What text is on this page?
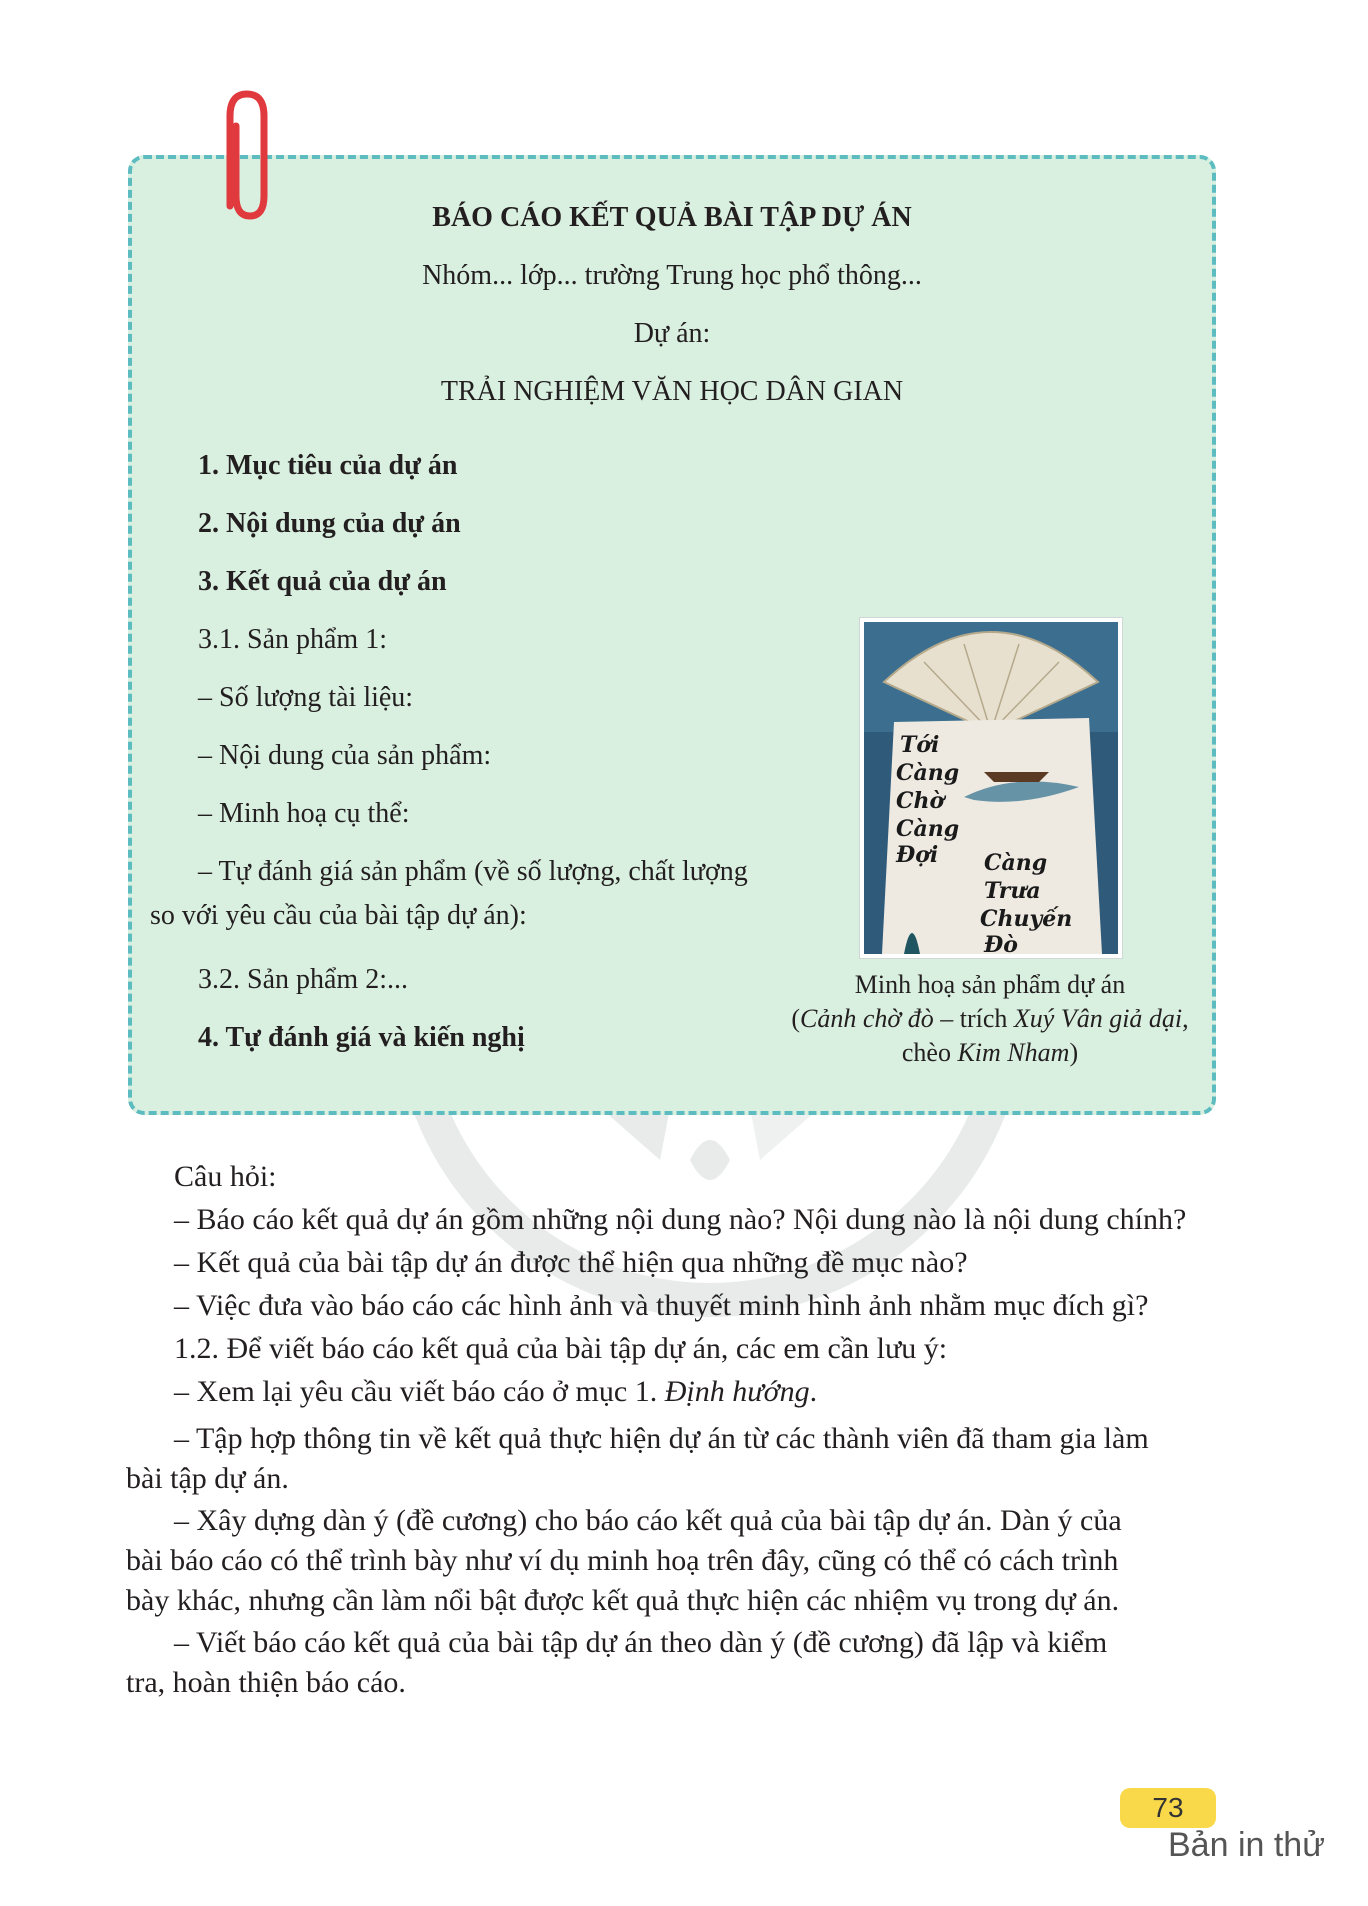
BÁO CÁO KẾT QUẢ BÀI TẬP DỰ ÁN
Nhóm... lớp... trường Trung học phổ thông...
Dự án:
TRẢI NGHIỆM VĂN HỌC DÂN GIAN
1. Mục tiêu của dự án
2. Nội dung của dự án
3. Kết quả của dự án
3.1. Sản phẩm 1:
– Số lượng tài liệu:
– Nội dung của sản phẩm:
– Minh hoạ cụ thể:
– Tự đánh giá sản phẩm (về số lượng, chất lượng
so với yêu cầu của bài tập dự án):
3.2. Sản phẩm 2:...
4. Tự đánh giá và kiến nghị
Tới
Càng
Chờ
Càng
Đợi Càng
Trưa
Chuyến
Đò
Minh hoạ sản phẩm dự án
(Cảnh chờ đò – trích Xuý Vân giả dại,
chèo Kim Nham)
Câu hỏi:
– Báo cáo kết quả dự án gồm những nội dung nào? Nội dung nào là nội dung chính?
– Kết quả của bài tập dự án được thể hiện qua những đề mục nào?
– Việc đưa vào báo cáo các hình ảnh và thuyết minh hình ảnh nhằm mục đích gì?
1.2. Để viết báo cáo kết quả của bài tập dự án, các em cần lưu ý:
– Xem lại yêu cầu viết báo cáo ở mục 1. Định hướng.
– Tập hợp thông tin về kết quả thực hiện dự án từ các thành viên đã tham gia làm
bài tập dự án.
– Xây dựng dàn ý (đề cương) cho báo cáo kết quả của bài tập dự án. Dàn ý của
bài báo cáo có thể trình bày như ví dụ minh hoạ trên đây, cũng có thể có cách trình
bày khác, nhưng cần làm nổi bật được kết quả thực hiện các nhiệm vụ trong dự án.
– Viết báo cáo kết quả của bài tập dự án theo dàn ý (đề cương) đã lập và kiểm
tra, hoàn thiện báo cáo.
73
Bản in thử
